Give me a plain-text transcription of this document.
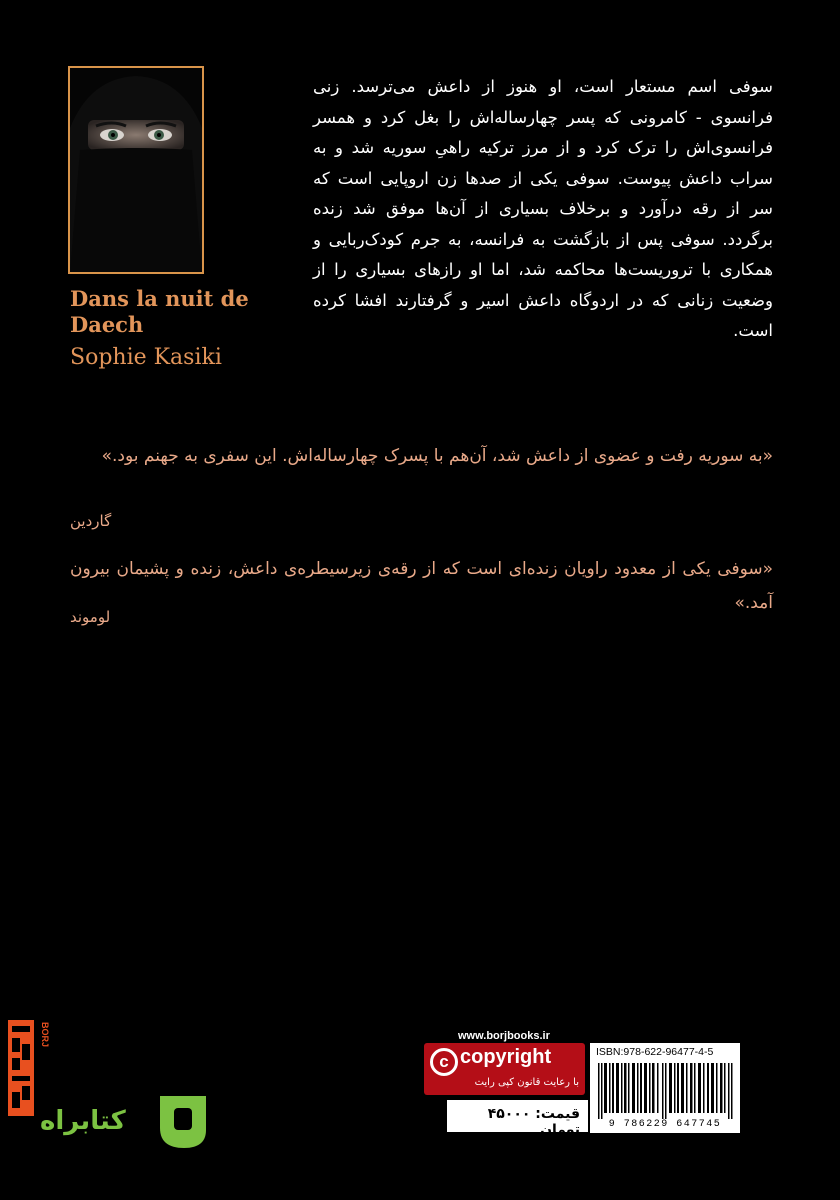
Dans la nuit de Daech
Sophie Kasiki

سوفی اسم مستعار است، او هنوز از داعش می‌ترسد. زنی فرانسوی - کامرونی که پسر چهارساله‌اش را بغل کرد و همسر فرانسوی‌اش را ترک کرد و از مرز ترکیه راهیِ سوریه شد و به سراب داعش پیوست. سوفی یکی از صدها زن اروپایی است که سر از رقه درآورد و برخلاف بسیاری از آن‌ها موفق شد زنده برگردد. سوفی پس از بازگشت به فرانسه، به جرم کودک‌ربایی و همکاری با تروریست‌ها محاکمه شد، اما او رازهای بسیاری را از وضعیت زنانی که در اردوگاه داعش اسیر و گرفتارند افشا کرده است.

«به سوریه رفت و عضوی از داعش شد، آن‌هم با پسرک چهارساله‌اش. این سفری به جهنم بود.»

گاردین

«سوفی یکی از معدود راویان زنده‌ای است که از رقه‌ی زیرسیطره‌ی داعش، زنده و پشیمان بیرون آمد.»

لوموند
BORJ
کتابراه
www.borjbooks.ir
c copyright
با رعایت قانون کپی رایت
ISBN:978-622-96477-4-5
9 786229 647745
قیمت: ۴۵۰۰۰ تومان
